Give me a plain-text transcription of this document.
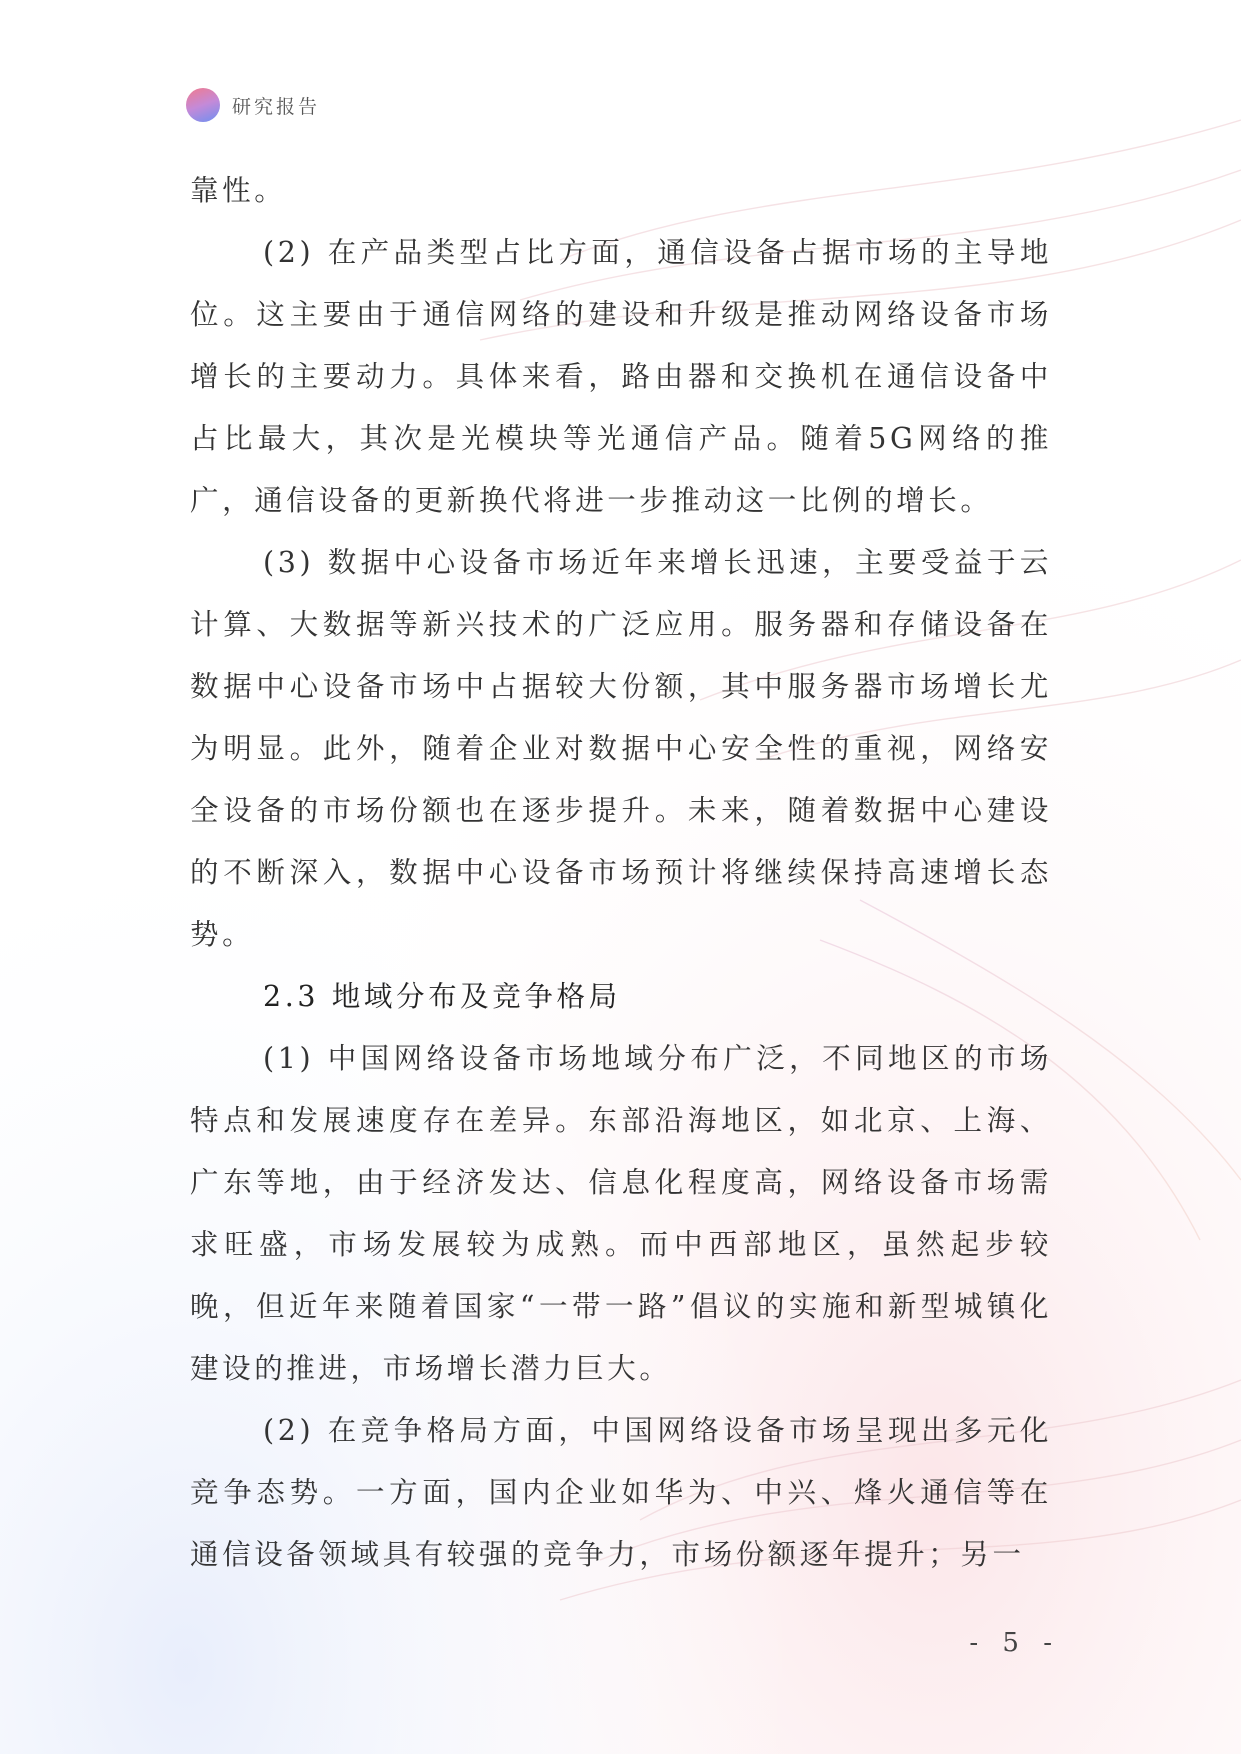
研究报告

靠性。

(2) 在产品类型占比方面，通信设备占据市场的主导地位。这主要由于通信网络的建设和升级是推动网络设备市场增长的主要动力。具体来看，路由器和交换机在通信设备中占比最大，其次是光模块等光通信产品。随着5G网络的推广，通信设备的更新换代将进一步推动这一比例的增长。

(3) 数据中心设备市场近年来增长迅速，主要受益于云计算、大数据等新兴技术的广泛应用。服务器和存储设备在数据中心设备市场中占据较大份额，其中服务器市场增长尤为明显。此外，随着企业对数据中心安全性的重视，网络安全设备的市场份额也在逐步提升。未来，随着数据中心建设的不断深入，数据中心设备市场预计将继续保持高速增长态势。

2.3 地域分布及竞争格局

(1) 中国网络设备市场地域分布广泛，不同地区的市场特点和发展速度存在差异。东部沿海地区，如北京、上海、广东等地，由于经济发达、信息化程度高，网络设备市场需求旺盛，市场发展较为成熟。而中西部地区，虽然起步较晚，但近年来随着国家“一带一路”倡议的实施和新型城镇化建设的推进，市场增长潜力巨大。

(2) 在竞争格局方面，中国网络设备市场呈现出多元化竞争态势。一方面，国内企业如华为、中兴、烽火通信等在通信设备领域具有较强的竞争力，市场份额逐年提升；另一

- 5 -
